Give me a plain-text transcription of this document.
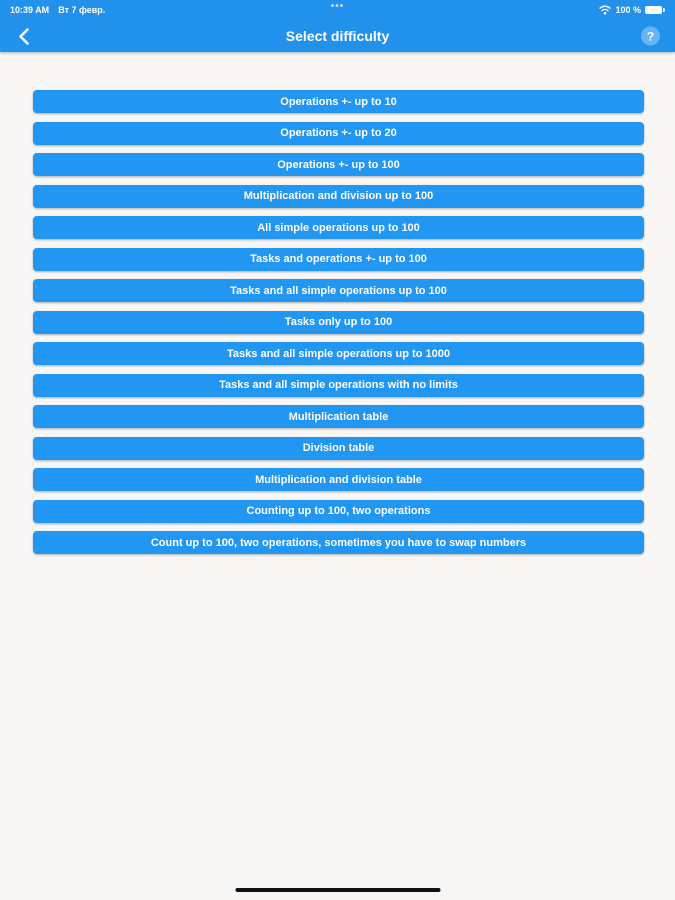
10:39 AM Вт 7 февр.	•••	100 %
Select difficulty	?
Operations +- up to 10
Operations +- up to 20
Operations +- up to 100
Multiplication and division up to 100
All simple operations up to 100
Tasks and operations +- up to 100
Tasks and all simple operations up to 100
Tasks only up to 100
Tasks and all simple operations up to 1000
Tasks and all simple operations with no limits
Multiplication table
Division table
Multiplication and division table
Counting up to 100, two operations
Count up to 100, two operations, sometimes you have to swap numbers
